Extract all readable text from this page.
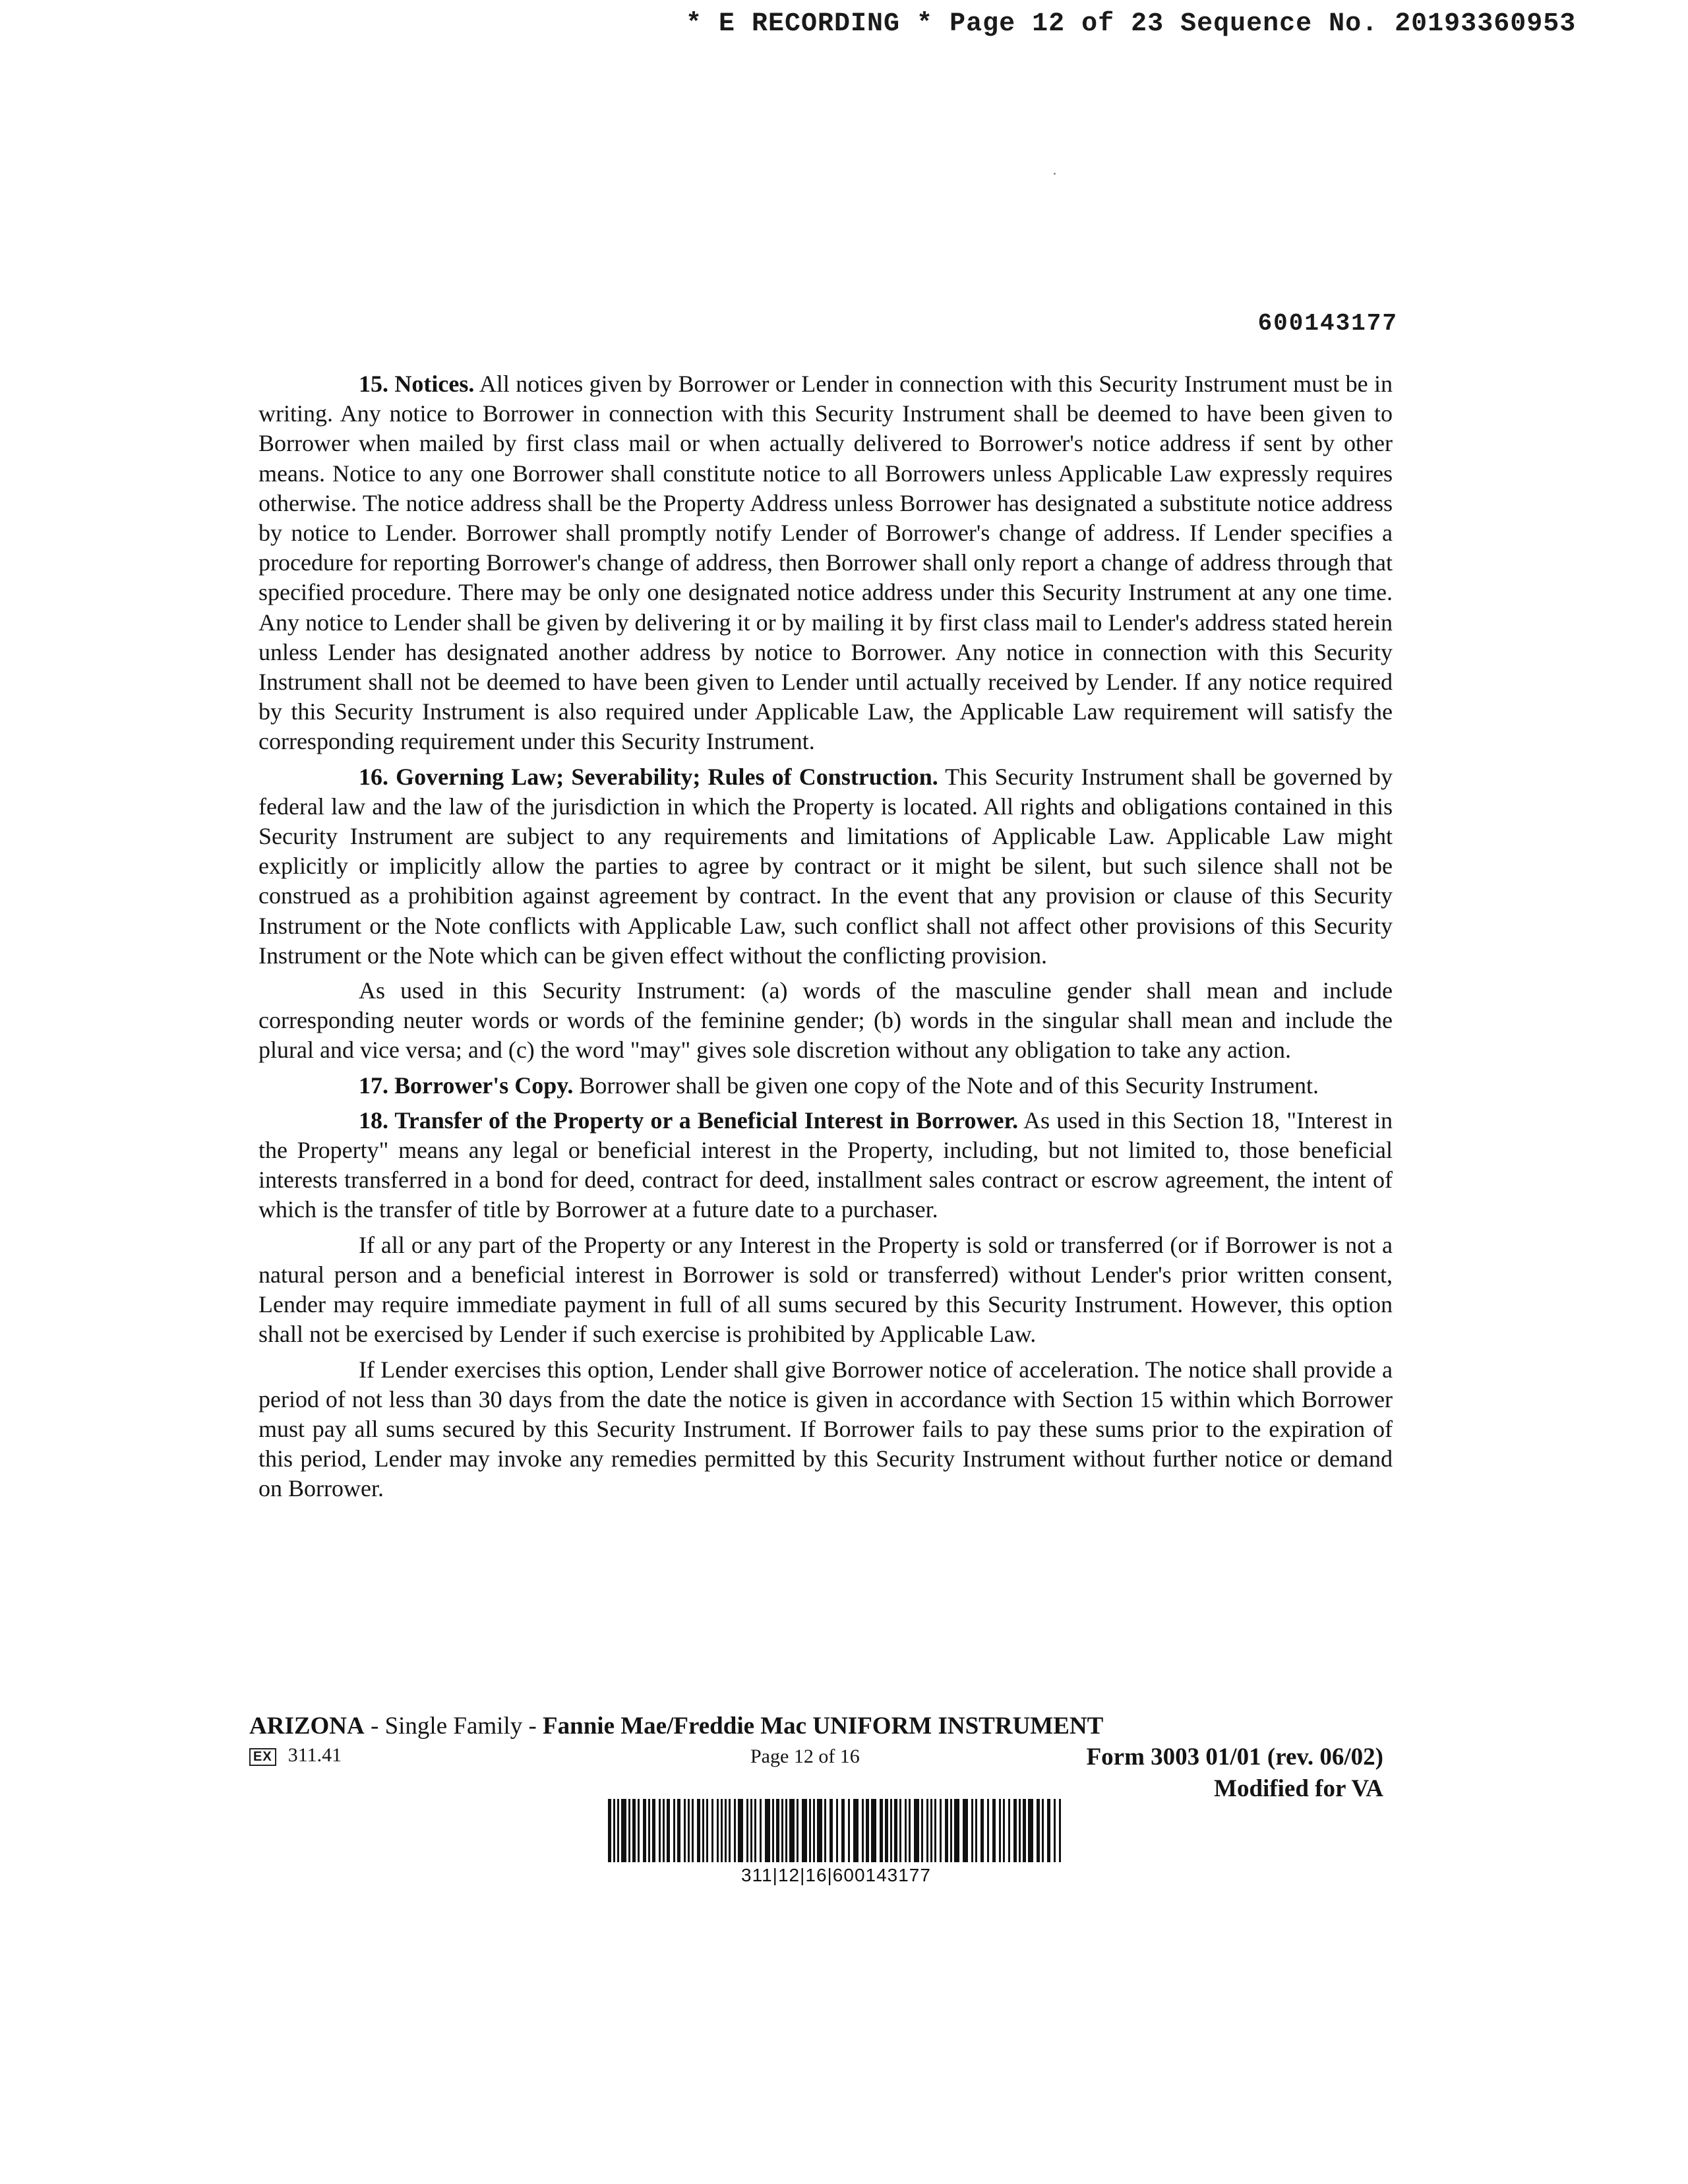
* E RECORDING * Page 12 of 23 Sequence No. 20193360953
600143177

15. Notices. All notices given by Borrower or Lender in connection with this Security Instrument must be in writing. Any notice to Borrower in connection with this Security Instrument shall be deemed to have been given to Borrower when mailed by first class mail or when actually delivered to Borrower's notice address if sent by other means. Notice to any one Borrower shall constitute notice to all Borrowers unless Applicable Law expressly requires otherwise. The notice address shall be the Property Address unless Borrower has designated a substitute notice address by notice to Lender. Borrower shall promptly notify Lender of Borrower's change of address. If Lender specifies a procedure for reporting Borrower's change of address, then Borrower shall only report a change of address through that specified procedure. There may be only one designated notice address under this Security Instrument at any one time. Any notice to Lender shall be given by delivering it or by mailing it by first class mail to Lender's address stated herein unless Lender has designated another address by notice to Borrower. Any notice in connection with this Security Instrument shall not be deemed to have been given to Lender until actually received by Lender. If any notice required by this Security Instrument is also required under Applicable Law, the Applicable Law requirement will satisfy the corresponding requirement under this Security Instrument.

16. Governing Law; Severability; Rules of Construction. This Security Instrument shall be governed by federal law and the law of the jurisdiction in which the Property is located. All rights and obligations contained in this Security Instrument are subject to any requirements and limitations of Applicable Law. Applicable Law might explicitly or implicitly allow the parties to agree by contract or it might be silent, but such silence shall not be construed as a prohibition against agreement by contract. In the event that any provision or clause of this Security Instrument or the Note conflicts with Applicable Law, such conflict shall not affect other provisions of this Security Instrument or the Note which can be given effect without the conflicting provision.

As used in this Security Instrument: (a) words of the masculine gender shall mean and include corresponding neuter words or words of the feminine gender; (b) words in the singular shall mean and include the plural and vice versa; and (c) the word "may" gives sole discretion without any obligation to take any action.

17. Borrower's Copy. Borrower shall be given one copy of the Note and of this Security Instrument.

18. Transfer of the Property or a Beneficial Interest in Borrower. As used in this Section 18, "Interest in the Property" means any legal or beneficial interest in the Property, including, but not limited to, those beneficial interests transferred in a bond for deed, contract for deed, installment sales contract or escrow agreement, the intent of which is the transfer of title by Borrower at a future date to a purchaser.

If all or any part of the Property or any Interest in the Property is sold or transferred (or if Borrower is not a natural person and a beneficial interest in Borrower is sold or transferred) without Lender's prior written consent, Lender may require immediate payment in full of all sums secured by this Security Instrument. However, this option shall not be exercised by Lender if such exercise is prohibited by Applicable Law.

If Lender exercises this option, Lender shall give Borrower notice of acceleration. The notice shall provide a period of not less than 30 days from the date the notice is given in accordance with Section 15 within which Borrower must pay all sums secured by this Security Instrument. If Borrower fails to pay these sums prior to the expiration of this period, Lender may invoke any remedies permitted by this Security Instrument without further notice or demand on Borrower.

ARIZONA - Single Family - Fannie Mae/Freddie Mac UNIFORM INSTRUMENT
EX 311.41	Page 12 of 16	Form 3003 01/01 (rev. 06/02)
Modified for VA
311|12|16|600143177
